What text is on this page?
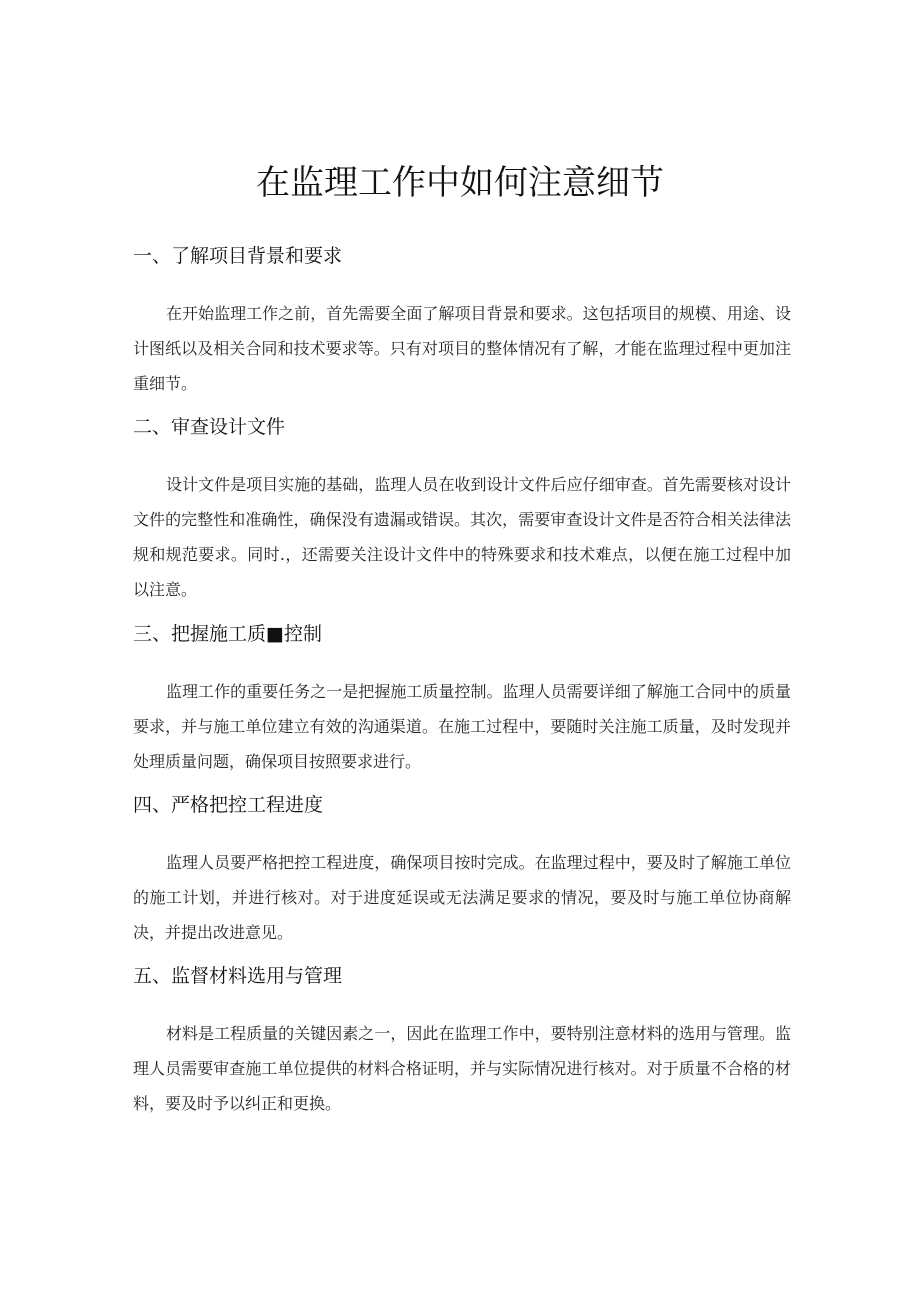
在监理工作中如何注意细节
一、了解项目背景和要求

在开始监理工作之前，首先需要全面了解项目背景和要求。这包括项目的规模、用途、设计图纸以及相关合同和技术要求等。只有对项目的整体情况有了解，才能在监理过程中更加注重细节。

二、审查设计文件

设计文件是项目实施的基础，监理人员在收到设计文件后应仔细审查。首先需要核对设计文件的完整性和准确性，确保没有遗漏或错误。其次，需要审查设计文件是否符合相关法律法规和规范要求。同时.，还需要关注设计文件中的特殊要求和技术难点，以便在施工过程中加以注意。

三、把握施工质■控制

监理工作的重要任务之一是把握施工质量控制。监理人员需要详细了解施工合同中的质量要求，并与施工单位建立有效的沟通渠道。在施工过程中，要随时关注施工质量，及时发现并处理质量问题，确保项目按照要求进行。

四、严格把控工程进度

监理人员要严格把控工程进度，确保项目按时完成。在监理过程中，要及时了解施工单位的施工计划，并进行核对。对于进度延误或无法满足要求的情况，要及时与施工单位协商解决，并提出改进意见。

五、监督材料选用与管理

材料是工程质量的关键因素之一，因此在监理工作中，要特别注意材料的选用与管理。监理人员需要审查施工单位提供的材料合格证明，并与实际情况进行核对。对于质量不合格的材料，要及时予以纠正和更换。
